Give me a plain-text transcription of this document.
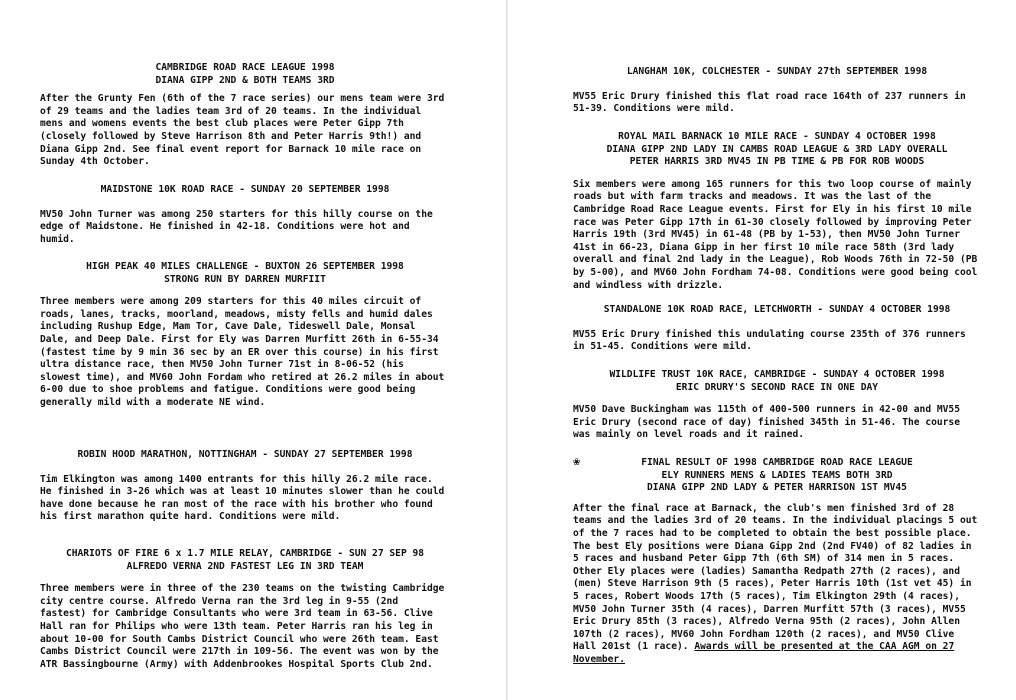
CAMBRIDGE ROAD RACE LEAGUE 1998
DIANA GIPP 2ND & BOTH TEAMS 3RD

After the Grunty Fen (6th of the 7 race series) our mens team were 3rd of 29 teams and the ladies team 3rd of 20 teams. In the individual mens and womens events the best club places were Peter Gipp 7th (closely followed by Steve Harrison 8th and Peter Harris 9th!) and Diana Gipp 2nd. See final event report for Barnack 10 mile race on Sunday 4th October.

MAIDSTONE 10K ROAD RACE - SUNDAY 20 SEPTEMBER 1998

MV50 John Turner was among 250 starters for this hilly course on the edge of Maidstone. He finished in 42-18. Conditions were hot and humid.

HIGH PEAK 40 MILES CHALLENGE - BUXTON 26 SEPTEMBER 1998
STRONG RUN BY DARREN MURFIIT

Three members were among 209 starters for this 40 miles circuit of roads, lanes, tracks, moorland, meadows, misty fells and humid dales including Rushup Edge, Mam Tor, Cave Dale, Tideswell Dale, Monsal Dale, and Deep Dale. First for Ely was Darren Murfitt 26th in 6-55-34 (fastest time by 9 min 36 sec by an ER over this course) in his first ultra distance race, then MV50 John Turner 71st in 8-06-52 (his slowest time), and MV60 John Fordam who retired at 26.2 miles in about 6-00 due to shoe problems and fatigue. Conditions were good being generally mild with a moderate NE wind.

ROBIN HOOD MARATHON, NOTTINGHAM - SUNDAY 27 SEPTEMBER 1998

Tim Elkington was among 1400 entrants for this hilly 26.2 mile race. He finished in 3-26 which was at least 10 minutes slower than he could have done because he ran most of the race with his brother who found his first marathon quite hard. Conditions were mild.

CHARIOTS OF FIRE 6 x 1.7 MILE RELAY, CAMBRIDGE - SUN 27 SEP 98
ALFREDO VERNA 2ND FASTEST LEG IN 3RD TEAM

Three members were in three of the 230 teams on the twisting Cambridge city centre course. Alfredo Verna ran the 3rd leg in 9-55 (2nd fastest) for Cambridge Consultants who were 3rd team in 63-56. Clive Hall ran for Philips who were 13th team. Peter Harris ran his leg in about 10-00 for South Cambs District Council who were 26th team. East Cambs District Council were 217th in 109-56. The event was won by the ATR Bassingbourne (Army) with Addenbrookes Hospital Sports Club 2nd.

LANGHAM 10K, COLCHESTER - SUNDAY 27th SEPTEMBER 1998

MV55 Eric Drury finished this flat road race 164th of 237 runners in 51-39. Conditions were mild.

ROYAL MAIL BARNACK 10 MILE RACE - SUNDAY 4 OCTOBER 1998
DIANA GIPP 2ND LADY IN CAMBS ROAD LEAGUE & 3RD LADY OVERALL
PETER HARRIS 3RD MV45 IN PB TIME & PB FOR ROB WOODS

Six members were among 165 runners for this two loop course of mainly roads but with farm tracks and meadows. It was the last of the Cambridge Road Race League events. First for Ely in his first 10 mile race was Peter Gipp 17th in 61-30 closely followed by improving Peter Harris 19th (3rd MV45) in 61-48 (PB by 1-53), then MV50 John Turner 41st in 66-23, Diana Gipp in her first 10 mile race 58th (3rd lady overall and final 2nd lady in the League), Rob Woods 76th in 72-50 (PB by 5-00), and MV60 John Fordham 74-08. Conditions were good being cool and windless with drizzle.

STANDALONE 10K ROAD RACE, LETCHWORTH - SUNDAY 4 OCTOBER 1998

MV55 Eric Drury finished this undulating course 235th of 376 runners in 51-45. Conditions were mild.

WILDLIFE TRUST 10K RACE, CAMBRIDGE - SUNDAY 4 OCTOBER 1998
ERIC DRURY'S SECOND RACE IN ONE DAY

MV50 Dave Buckingham was 115th of 400-500 runners in 42-00 and MV55 Eric Drury (second race of day) finished 345th in 51-46. The course was mainly on level roads and it rained.

❀	FINAL RESULT OF 1998 CAMBRIDGE ROAD RACE LEAGUE
ELY RUNNERS MENS & LADIES TEAMS BOTH 3RD
DIANA GIPP 2ND LADY & PETER HARRISON 1ST MV45

After the final race at Barnack, the club's men finished 3rd of 28 teams and the ladies 3rd of 20 teams. In the individual placings 5 out of the 7 races had to be completed to obtain the best possible place. The best Ely positions were Diana Gipp 2nd (2nd FV40) of 82 ladies in 5 races and husband Peter Gipp 7th (6th SM) of 314 men in 5 races. Other Ely places were (ladies) Samantha Redpath 27th (2 races), and (men) Steve Harrison 9th (5 races), Peter Harris 10th (1st vet 45) in 5 races, Robert Woods 17th (5 races), Tim Elkington 29th (4 races), MV50 John Turner 35th (4 races), Darren Murfitt 57th (3 races), MV55 Eric Drury 85th (3 races), Alfredo Verna 95th (2 races), John Allen 107th (2 races), MV60 John Fordham 120th (2 races), and MV50 Clive Hall 201st (1 race). Awards will be presented at the CAA AGM on 27 November.
